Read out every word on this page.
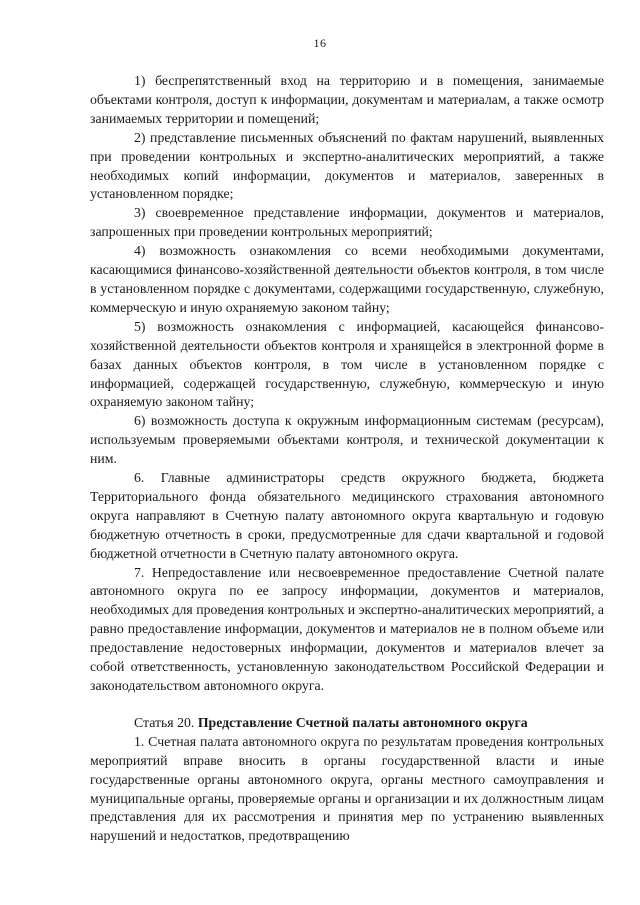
16

1) беспрепятственный вход на территорию и в помещения, занимаемые объектами контроля, доступ к информации, документам и материалам, а также осмотр занимаемых территории и помещений;

2) представление письменных объяснений по фактам нарушений, выявленных при проведении контрольных и экспертно-аналитических мероприятий, а также необходимых копий информации, документов и материалов, заверенных в установленном порядке;

3) своевременное представление информации, документов и материалов, запрошенных при проведении контрольных мероприятий;

4) возможность ознакомления со всеми необходимыми документами, касающимися финансово-хозяйственной деятельности объектов контроля, в том числе в установленном порядке с документами, содержащими государственную, служебную, коммерческую и иную охраняемую законом тайну;

5) возможность ознакомления с информацией, касающейся финансово-хозяйственной деятельности объектов контроля и хранящейся в электронной форме в базах данных объектов контроля, в том числе в установленном порядке с информацией, содержащей государственную, служебную, коммерческую и иную охраняемую законом тайну;

6) возможность доступа к окружным информационным системам (ресурсам), используемым проверяемыми объектами контроля, и технической документации к ним.

6. Главные администраторы средств окружного бюджета, бюджета Территориального фонда обязательного медицинского страхования автономного округа направляют в Счетную палату автономного округа квартальную и годовую бюджетную отчетность в сроки, предусмотренные для сдачи квартальной и годовой бюджетной отчетности в Счетную палату автономного округа.

7. Непредоставление или несвоевременное предоставление Счетной палате автономного округа по ее запросу информации, документов и материалов, необходимых для проведения контрольных и экспертно-аналитических мероприятий, а равно предоставление информации, документов и материалов не в полном объеме или предоставление недостоверных информации, документов и материалов влечет за собой ответственность, установленную законодательством Российской Федерации и законодательством автономного округа.

Статья 20. Представление Счетной палаты автономного округа

1. Счетная палата автономного округа по результатам проведения контрольных мероприятий вправе вносить в органы государственной власти и иные государственные органы автономного округа, органы местного самоуправления и муниципальные органы, проверяемые органы и организации и их должностным лицам представления для их рассмотрения и принятия мер по устранению выявленных нарушений и недостатков, предотвращению
